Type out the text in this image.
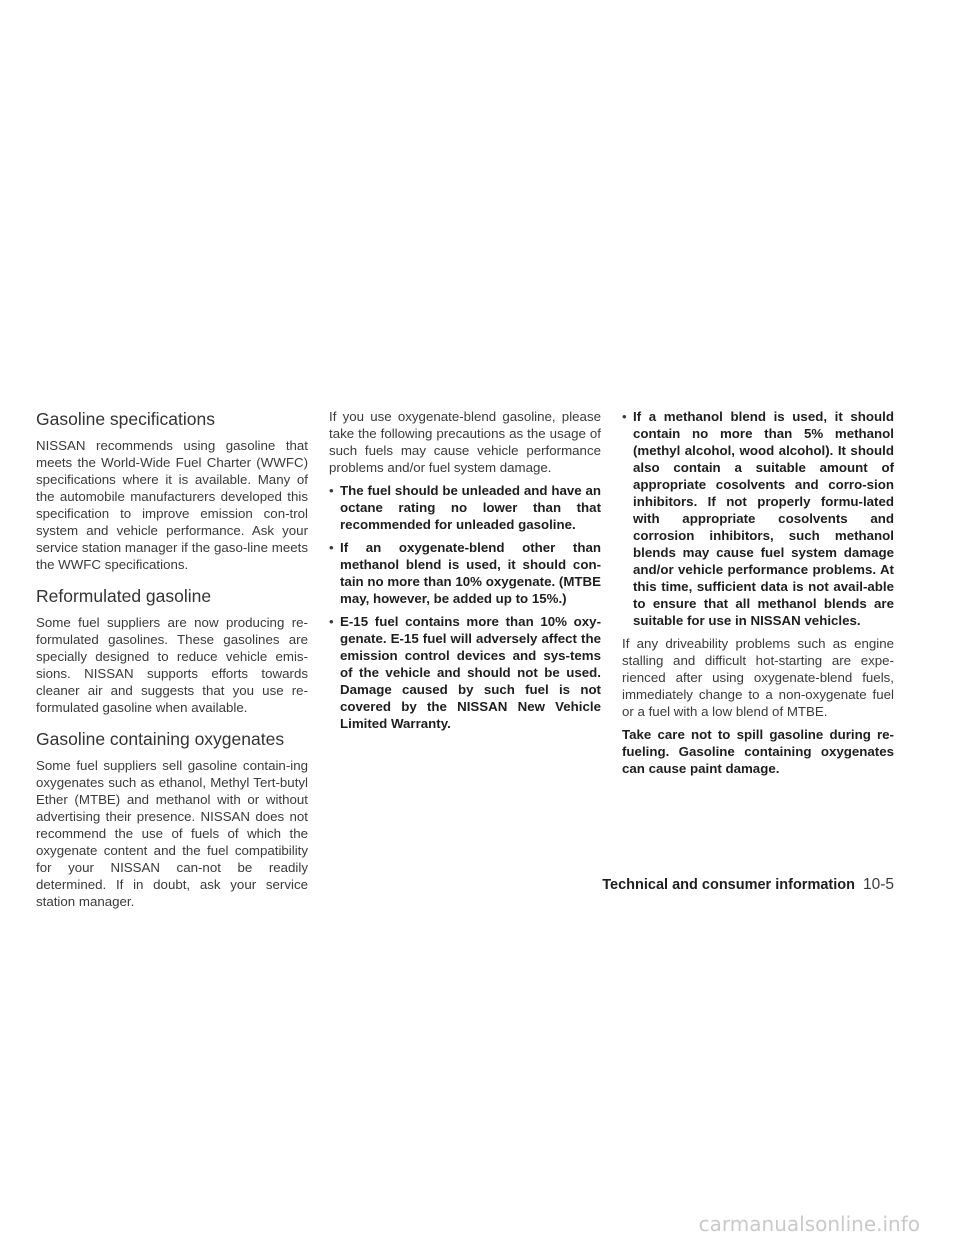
Gasoline specifications

NISSAN recommends using gasoline that meets the World-Wide Fuel Charter (WWFC) specifications where it is available. Many of the automobile manufacturers developed this specification to improve emission con-trol system and vehicle performance. Ask your service station manager if the gaso-line meets the WWFC specifications.

Reformulated gasoline

Some fuel suppliers are now producing re-formulated gasolines. These gasolines are specially designed to reduce vehicle emis-sions. NISSAN supports efforts towards cleaner air and suggests that you use re-formulated gasoline when available.

Gasoline containing oxygenates

Some fuel suppliers sell gasoline contain-ing oxygenates such as ethanol, Methyl Tert-butyl Ether (MTBE) and methanol with or without advertising their presence. NISSAN does not recommend the use of fuels of which the oxygenate content and the fuel compatibility for your NISSAN can-not be readily determined. If in doubt, ask your service station manager.

If you use oxygenate-blend gasoline, please take the following precautions as the usage of such fuels may cause vehicle performance problems and/or fuel system damage.

• The fuel should be unleaded and have an octane rating no lower than that recommended for unleaded gasoline.
• If an oxygenate-blend other than methanol blend is used, it should con-tain no more than 10% oxygenate. (MTBE may, however, be added up to 15%.)
• E-15 fuel contains more than 10% oxy-genate. E-15 fuel will adversely affect the emission control devices and sys-tems of the vehicle and should not be used. Damage caused by such fuel is not covered by the NISSAN New Vehicle Limited Warranty.
• If a methanol blend is used, it should contain no more than 5% methanol (methyl alcohol, wood alcohol). It should also contain a suitable amount of appropriate cosolvents and corro-sion inhibitors. If not properly formu-lated with appropriate cosolvents and corrosion inhibitors, such methanol blends may cause fuel system damage and/or vehicle performance problems. At this time, sufficient data is not avail-able to ensure that all methanol blends are suitable for use in NISSAN vehicles.

If any driveability problems such as engine stalling and difficult hot-starting are expe-rienced after using oxygenate-blend fuels, immediately change to a non-oxygenate fuel or a fuel with a low blend of MTBE.

Take care not to spill gasoline during re-fueling. Gasoline containing oxygenates can cause paint damage.

Technical and consumer information 10-5
carmanualsonline.info
